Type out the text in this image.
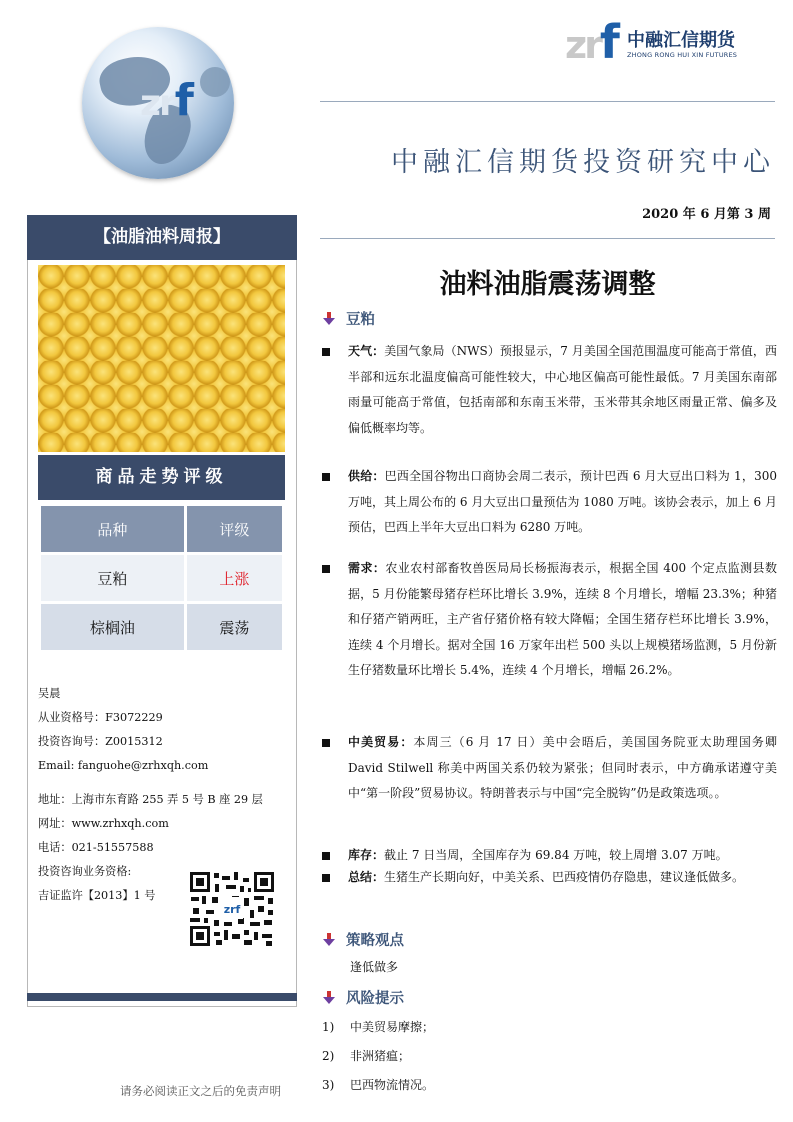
zrf
zrf 中融汇信期货
ZHONG RONG HUI XIN FUTURES
中融汇信期货投资研究中心
2020 年 6 月第 3 周
【油脂油料周报】
商品走势评级
品种	评级
豆粕	上涨
棕榈油	震荡
吴晨
从业资格号：F3072229
投资咨询号：Z0015312
Email: fanguohe@zrhxqh.com
地址：上海市东育路 255 弄 5 号 B 座 29 层
网址：www.zrhxqh.com
电话：021-51557588
投资咨询业务资格:
吉证监许【2013】1 号
zrf
请务必阅读正文之后的免责声明
油料油脂震荡调整
豆粕
天气：美国气象局（NWS）预报显示，7 月美国全国范围温度可能高于常值，西半部和远东北温度偏高可能性较大，中心地区偏高可能性最低。7 月美国东南部雨量可能高于常值，包括南部和东南玉米带，玉米带其余地区雨量正常、偏多及偏低概率均等。
供给：巴西全国谷物出口商协会周二表示，预计巴西 6 月大豆出口料为 1，300 万吨，其上周公布的 6 月大豆出口量预估为 1080 万吨。该协会表示，加上 6 月预估，巴西上半年大豆出口料为 6280 万吨。
需求：农业农村部畜牧兽医局局长杨振海表示，根据全国 400 个定点监测县数据，5 月份能繁母猪存栏环比增长 3.9%，连续 8 个月增长，增幅 23.3%；种猪和仔猪产销两旺，主产省仔猪价格有较大降幅；全国生猪存栏环比增长 3.9%，连续 4 个月增长。据对全国 16 万家年出栏 500 头以上规模猪场监测，5 月份新生仔猪数量环比增长 5.4%，连续 4 个月增长，增幅 26.2%。
中美贸易：本周三（6 月 17 日）美中会晤后，美国国务院亚太助理国务卿 David Stilwell 称美中两国关系仍较为紧张；但同时表示，中方确承诺遵守美中“第一阶段”贸易协议。特朗普表示与中国“完全脱钩”仍是政策选项。。
库存：截止 7 日当周，全国库存为 69.84 万吨，较上周增 3.07 万吨。
总结：生猪生产长期向好，中美关系、巴西疫情仍存隐患，建议逢低做多。
策略观点
逢低做多
风险提示
1) 中美贸易摩擦；
2) 非洲猪瘟；
3) 巴西物流情况。
